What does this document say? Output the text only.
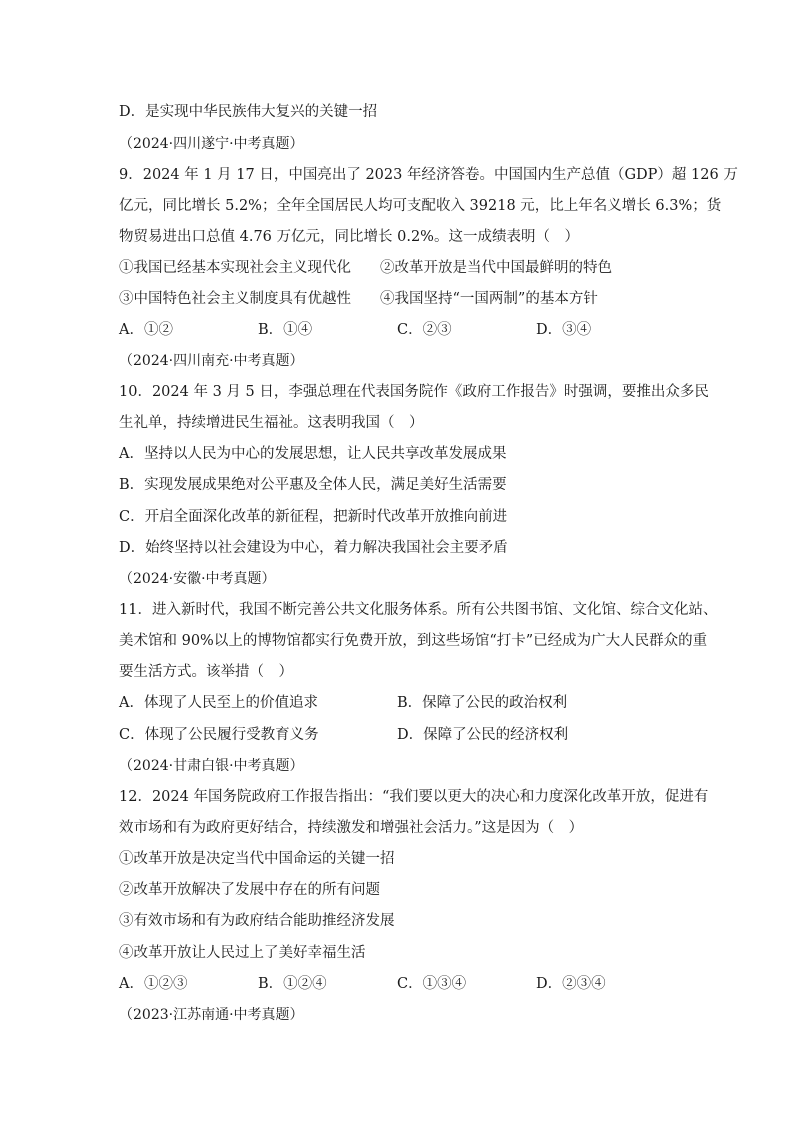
D．是实现中华民族伟大复兴的关键一招
（2024·四川遂宁·中考真题）
9．2024 年 1 月 17 日，中国亮出了 2023 年经济答卷。中国国内生产总值（GDP）超 126 万
亿元，同比增长 5.2%；全年全国居民人均可支配收入 39218 元，比上年名义增长 6.3%；货
物贸易进出口总值 4.76 万亿元，同比增长 0.2%。这一成绩表明（　）
①我国已经基本实现社会主义现代化 ②改革开放是当代中国最鲜明的特色
③中国特色社会主义制度具有优越性 ④我国坚持“一国两制”的基本方针
A．①②	B．①④	C．②③	D．③④
（2024·四川南充·中考真题）
10．2024 年 3 月 5 日，李强总理在代表国务院作《政府工作报告》时强调，要推出众多民
生礼单，持续增进民生福祉。这表明我国（　）
A．坚持以人民为中心的发展思想，让人民共享改革发展成果
B．实现发展成果绝对公平惠及全体人民，满足美好生活需要
C．开启全面深化改革的新征程，把新时代改革开放推向前进
D．始终坚持以社会建设为中心，着力解决我国社会主要矛盾
（2024·安徽·中考真题）
11．进入新时代，我国不断完善公共文化服务体系。所有公共图书馆、文化馆、综合文化站、
美术馆和 90%以上的博物馆都实行免费开放，到这些场馆“打卡”已经成为广大人民群众的重
要生活方式。该举措（　）
A．体现了人民至上的价值追求	B．保障了公民的政治权利
C．体现了公民履行受教育义务	D．保障了公民的经济权利
（2024·甘肃白银·中考真题）
12．2024 年国务院政府工作报告指出：“我们要以更大的决心和力度深化改革开放，促进有
效市场和有为政府更好结合，持续激发和增强社会活力。”这是因为（　）
①改革开放是决定当代中国命运的关键一招
②改革开放解决了发展中存在的所有问题
③有效市场和有为政府结合能助推经济发展
④改革开放让人民过上了美好幸福生活
A．①②③	B．①②④	C．①③④	D．②③④
（2023·江苏南通·中考真题）
